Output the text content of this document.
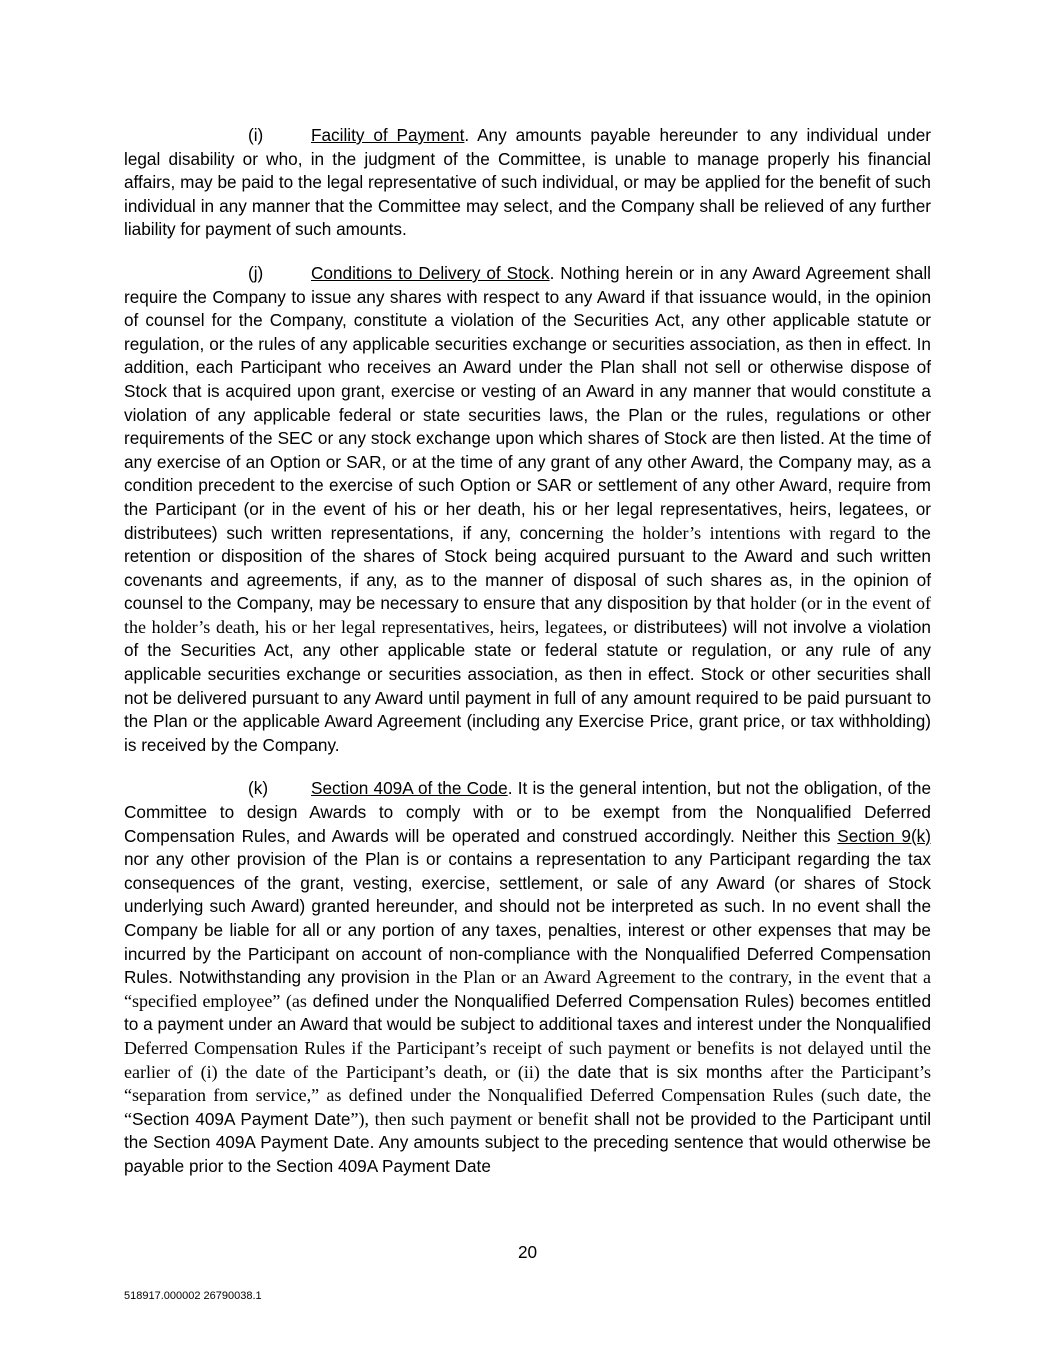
(i)	Facility of Payment. Any amounts payable hereunder to any individual under legal disability or who, in the judgment of the Committee, is unable to manage properly his financial affairs, may be paid to the legal representative of such individual, or may be applied for the benefit of such individual in any manner that the Committee may select, and the Company shall be relieved of any further liability for payment of such amounts.

(j)	Conditions to Delivery of Stock. Nothing herein or in any Award Agreement shall require the Company to issue any shares with respect to any Award if that issuance would, in the opinion of counsel for the Company, constitute a violation of the Securities Act, any other applicable statute or regulation, or the rules of any applicable securities exchange or securities association, as then in effect. In addition, each Participant who receives an Award under the Plan shall not sell or otherwise dispose of Stock that is acquired upon grant, exercise or vesting of an Award in any manner that would constitute a violation of any applicable federal or state securities laws, the Plan or the rules, regulations or other requirements of the SEC or any stock exchange upon which shares of Stock are then listed. At the time of any exercise of an Option or SAR, or at the time of any grant of any other Award, the Company may, as a condition precedent to the exercise of such Option or SAR or settlement of any other Award, require from the Participant (or in the event of his or her death, his or her legal representatives, heirs, legatees, or distributees) such written representations, if any, concerning the holder’s intentions with regard to the retention or disposition of the shares of Stock being acquired pursuant to the Award and such written covenants and agreements, if any, as to the manner of disposal of such shares as, in the opinion of counsel to the Company, may be necessary to ensure that any disposition by that holder (or in the event of the holder’s death, his or her legal representatives, heirs, legatees, or distributees) will not involve a violation of the Securities Act, any other applicable state or federal statute or regulation, or any rule of any applicable securities exchange or securities association, as then in effect. Stock or other securities shall not be delivered pursuant to any Award until payment in full of any amount required to be paid pursuant to the Plan or the applicable Award Agreement (including any Exercise Price, grant price, or tax withholding) is received by the Company.

(k) Section 409A of the Code. It is the general intention, but not the obligation, of the Committee to design Awards to comply with or to be exempt from the Nonqualified Deferred Compensation Rules, and Awards will be operated and construed accordingly. Neither this Section 9(k) nor any other provision of the Plan is or contains a representation to any Participant regarding the tax consequences of the grant, vesting, exercise, settlement, or sale of any Award (or shares of Stock underlying such Award) granted hereunder, and should not be interpreted as such. In no event shall the Company be liable for all or any portion of any taxes, penalties, interest or other expenses that may be incurred by the Participant on account of non-compliance with the Nonqualified Deferred Compensation Rules. Notwithstanding any provision in the Plan or an Award Agreement to the contrary, in the event that a “specified employee” (as defined under the Nonqualified Deferred Compensation Rules) becomes entitled to a payment under an Award that would be subject to additional taxes and interest under the Nonqualified Deferred Compensation Rules if the Participant’s receipt of such payment or benefits is not delayed until the earlier of (i) the date of the Participant’s death, or (ii) the date that is six months after the Participant’s “separation from service,” as defined under the Nonqualified Deferred Compensation Rules (such date, the “Section 409A Payment Date”), then such payment or benefit shall not be provided to the Participant until the Section 409A Payment Date. Any amounts subject to the preceding sentence that would otherwise be payable prior to the Section 409A Payment Date

20
518917.000002 26790038.1
